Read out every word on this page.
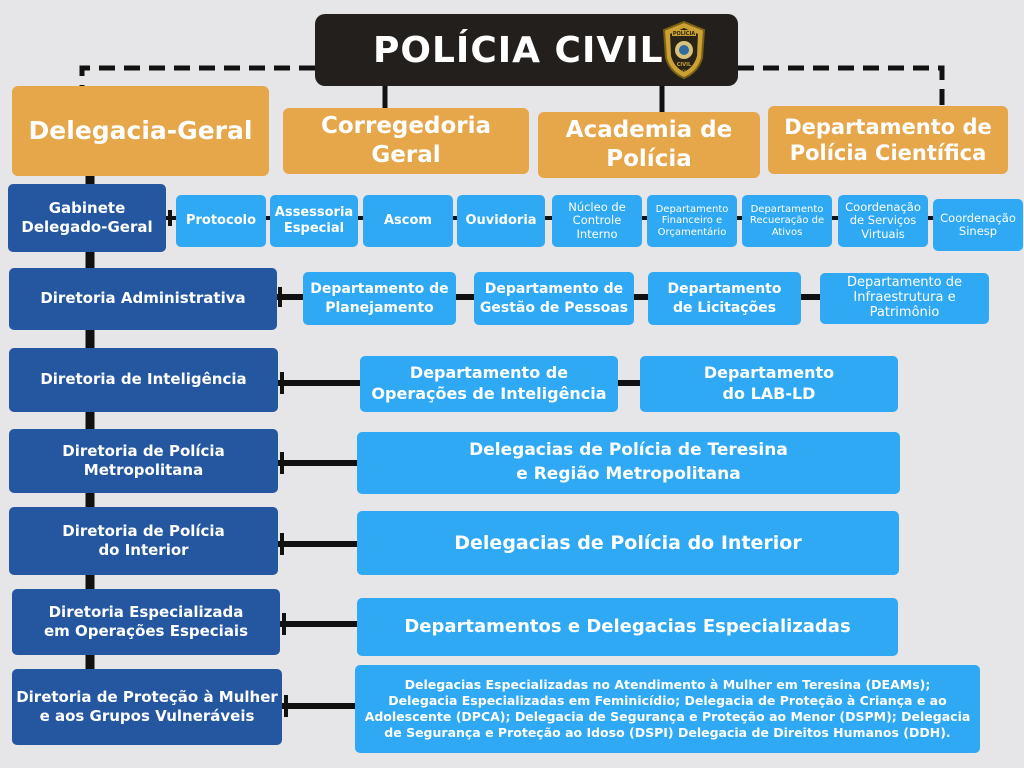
POLÍCIA CIVIL POLÍCIA
CIVIL
PI
Delegacia-Geral	Corregedoria
Geral
Academia de
Polícia
Departamento de
Polícia Científica
Gabinete
Delegado-Geral	Protocolo Assessoria
Especial
Ascom	Ouvidoria
Núcleo de
Controle
Interno
Departamento
Financeiro e
Orçamentário
Departamento
Recueração de
Ativos
Coordenação
de Serviços
Virtuais
Coordenação
Sinesp
Diretoria Administrativa	Departamento de
Planejamento
Departamento de
Gestão de Pessoas
Departamento
de Licitações
Departamento de
Infraestrutura e
Patrimônio
Diretoria de Inteligência	Departamento de
Operações de Inteligência
Departamento
do LAB-LD
Diretoria de Polícia
Metropolitana
Delegacias de Polícia de Teresina
e Região Metropolitana
Diretoria de Polícia
do Interior	Delegacias de Polícia do Interior
Diretoria Especializada
em Operações Especiais	Departamentos e Delegacias Especializadas
Diretoria de Proteção à Mulher
e aos Grupos Vulneráveis
Delegacias Especializadas no Atendimento à Mulher em Teresina (DEAMs);
Delegacia Especializadas em Feminicídio; Delegacia de Proteção à Criança e ao
Adolescente (DPCA); Delegacia de Segurança e Proteção ao Menor (DSPM); Delegacia
de Segurança e Proteção ao Idoso (DSPI) Delegacia de Direitos Humanos (DDH).
